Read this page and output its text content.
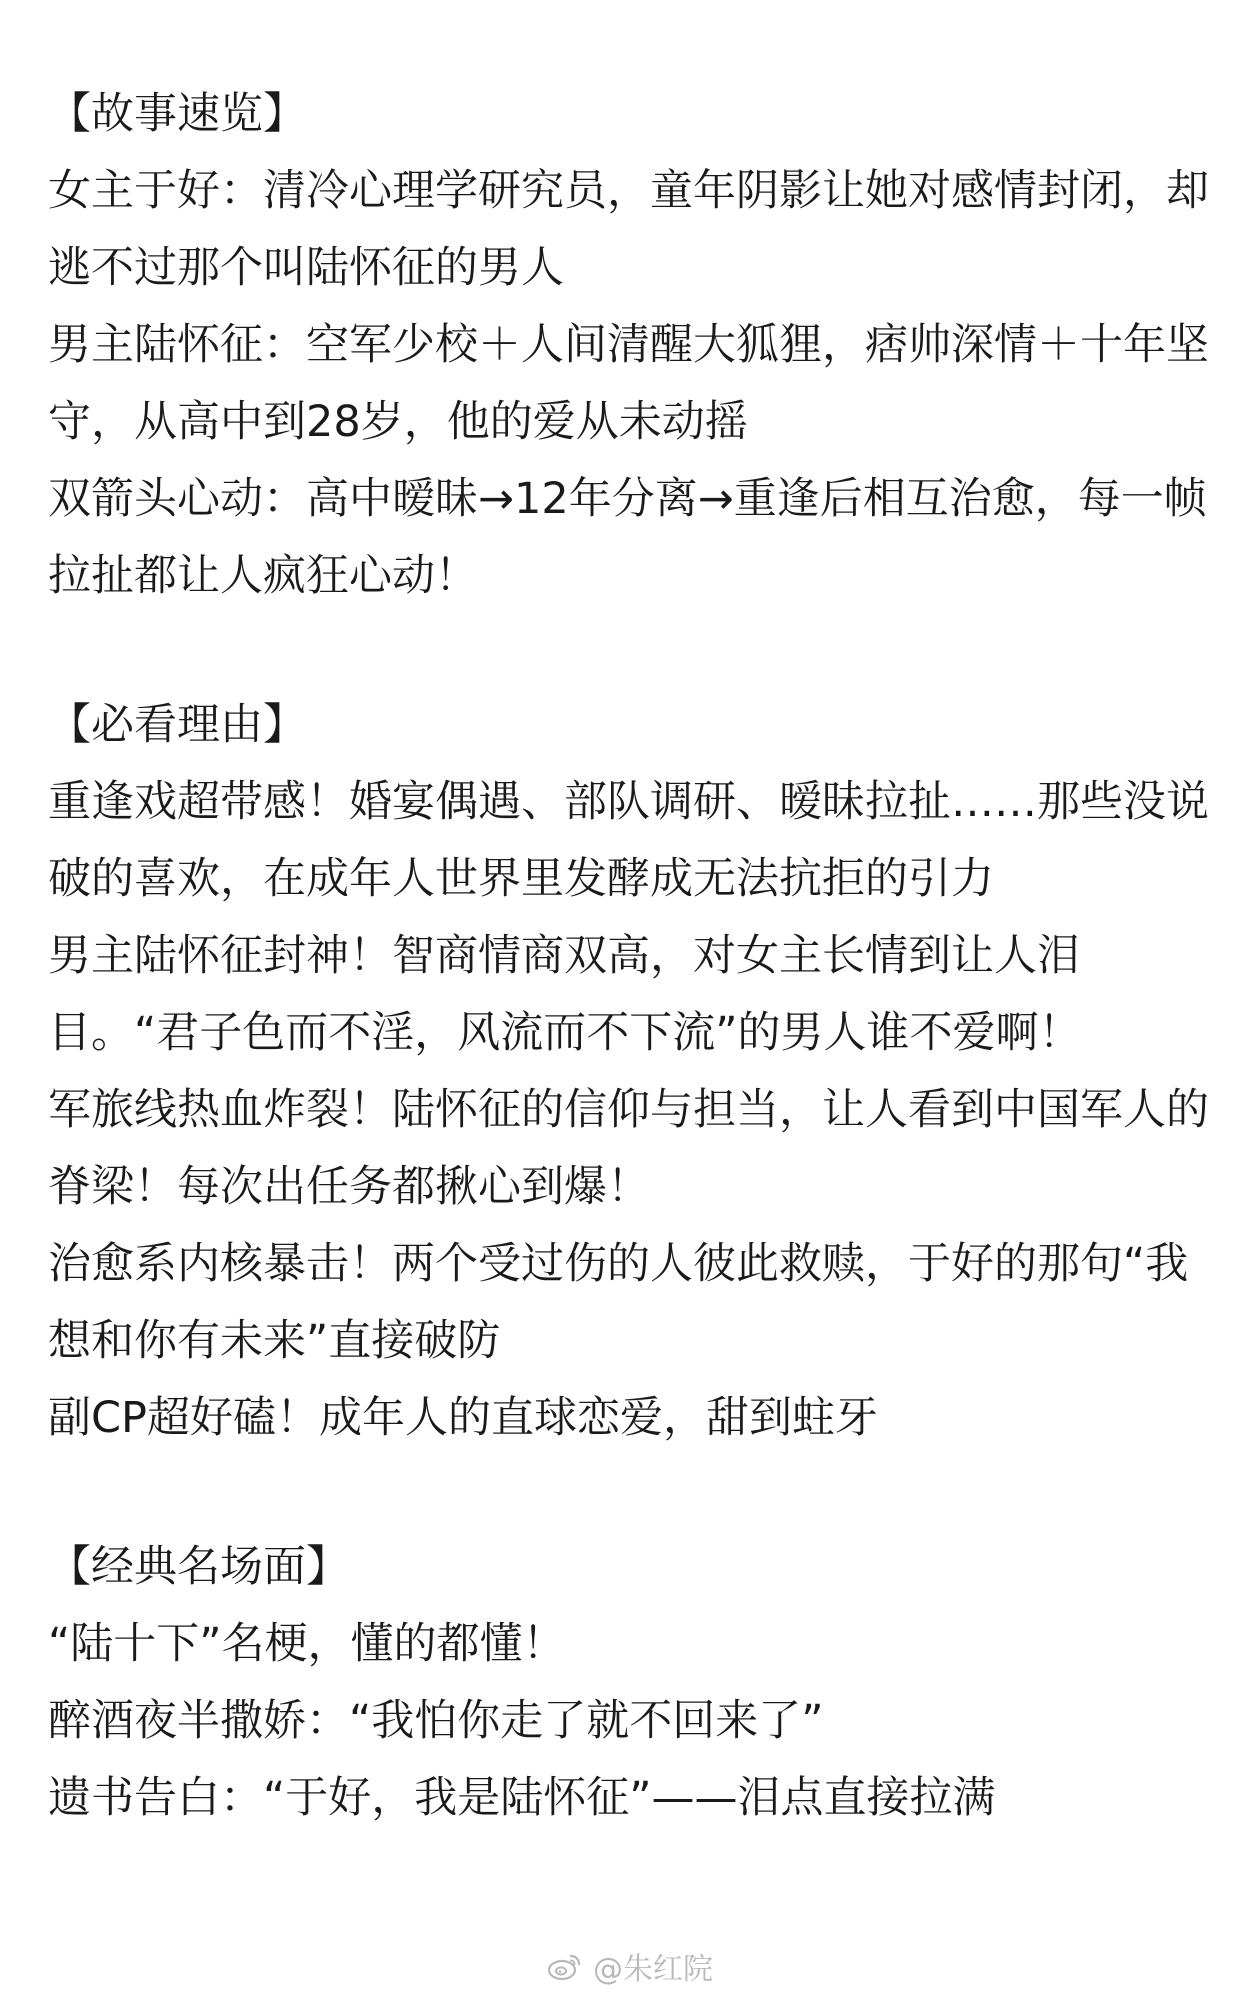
【故事速览】

女主于好：清冷心理学研究员，童年阴影让她对感情封闭，却逃不过那个叫陆怀征的男人

男主陆怀征：空军少校＋人间清醒大狐狸，痞帅深情＋十年坚守，从高中到28岁，他的爱从未动摇

双箭头心动：高中暧昧→12年分离→重逢后相互治愈，每一帧拉扯都让人疯狂心动！

【必看理由】

重逢戏超带感！婚宴偶遇、部队调研、暧昧拉扯……那些没说破的喜欢，在成年人世界里发酵成无法抗拒的引力

男主陆怀征封神！智商情商双高，对女主长情到让人泪目。“君子色而不淫，风流而不下流”的男人谁不爱啊！

军旅线热血炸裂！陆怀征的信仰与担当，让人看到中国军人的脊梁！每次出任务都揪心到爆！

治愈系内核暴击！两个受过伤的人彼此救赎，于好的那句“我想和你有未来”直接破防

副CP超好磕！成年人的直球恋爱，甜到蛀牙

【经典名场面】

“陆十下”名梗，懂的都懂！

醉酒夜半撒娇：“我怕你走了就不回来了”

遗书告白：“于好，我是陆怀征”——泪点直接拉满

@朱红院
